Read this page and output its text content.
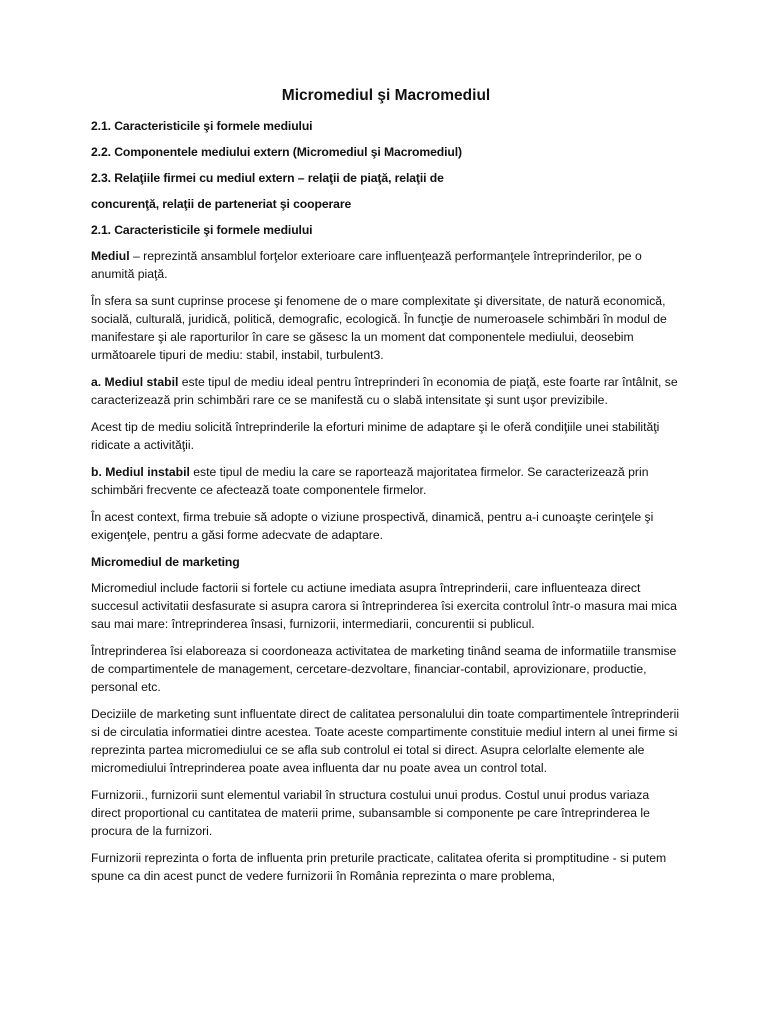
Micromediul şi Macromediul
2.1. Caracteristicile şi formele mediului
2.2. Componentele mediului extern (Micromediul şi Macromediul)
2.3. Relaţiile firmei cu mediul extern – relaţii de piaţă, relaţii de
concurenţă, relaţii de parteneriat şi cooperare
2.1. Caracteristicile şi formele mediului

Mediul – reprezintă ansamblul forţelor exterioare care influenţează performanţele întreprinderilor, pe o anumită piaţă.

În sfera sa sunt cuprinse procese şi fenomene de o mare complexitate şi diversitate, de natură economică, socială, culturală, juridică, politică, demografic, ecologică. În funcţie de numeroasele schimbări în modul de manifestare şi ale raporturilor în care se găsesc la un moment dat componentele mediului, deosebim următoarele tipuri de mediu: stabil, instabil, turbulent3.

a. Mediul stabil este tipul de mediu ideal pentru întreprinderi în economia de piaţă, este foarte rar întâlnit, se caracterizează prin schimbări rare ce se manifestă cu o slabă intensitate şi sunt uşor previzibile.

Acest tip de mediu solicită întreprinderile la eforturi minime de adaptare şi le oferă condiţiile unei stabilităţi ridicate a activităţii.

b. Mediul instabil este tipul de mediu la care se raportează majoritatea firmelor. Se caracterizează prin schimbări frecvente ce afectează toate componentele firmelor.

În acest context, firma trebuie să adopte o viziune prospectivă, dinamică, pentru a-i cunoaşte cerinţele şi exigenţele, pentru a găsi forme adecvate de adaptare.

Micromediul de marketing

Micromediul include factorii si fortele cu actiune imediata asupra întreprinderii, care influenteaza direct succesul activitatii desfasurate si asupra carora si întreprinderea îsi exercita controlul într-o masura mai mica sau mai mare: întreprinderea însasi, furnizorii, intermediarii, concurentii si publicul.

Întreprinderea îsi elaboreaza si coordoneaza activitatea de marketing tinând seama de informatiile transmise de compartimentele de management, cercetare-dezvoltare, financiar-contabil, aprovizionare, productie, personal etc.

Deciziile de marketing sunt influentate direct de calitatea personalului din toate compartimentele întreprinderii si de circulatia informatiei dintre acestea. Toate aceste compartimente constituie mediul intern al unei firme si reprezinta partea micromediului ce se afla sub controlul ei total si direct. Asupra celorlalte elemente ale micromediului întreprinderea poate avea influenta dar nu poate avea un control total.

Furnizorii., furnizorii sunt elementul variabil în structura costului unui produs. Costul unui produs variaza direct proportional cu cantitatea de materii prime, subansamble si componente pe care întreprinderea le procura de la furnizori.

Furnizorii reprezinta o forta de influenta prin preturile practicate, calitatea oferita si promptitudine - si putem spune ca din acest punct de vedere furnizorii în România reprezinta o mare problema,
